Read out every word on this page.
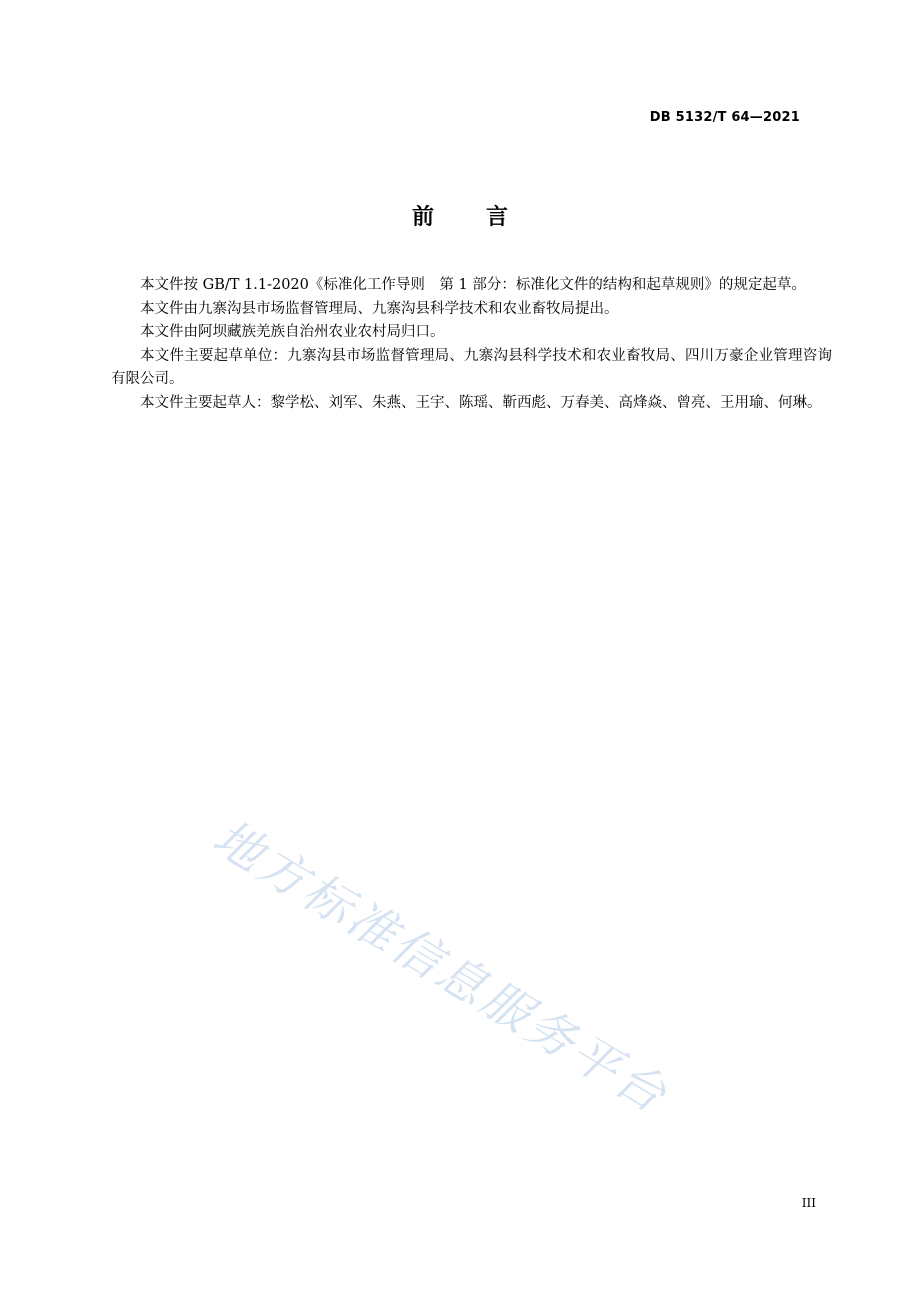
DB 5132/T 64—2021
前 言

本文件按 GB/T 1.1-2020《标准化工作导则　第 1 部分：标准化文件的结构和起草规则》的规定起草。

本文件由九寨沟县市场监督管理局、九寨沟县科学技术和农业畜牧局提出。

本文件由阿坝藏族羌族自治州农业农村局归口。

本文件主要起草单位：九寨沟县市场监督管理局、九寨沟县科学技术和农业畜牧局、四川万豪企业管理咨询有限公司。

本文件主要起草人：黎学松、刘军、朱燕、王宇、陈瑶、靳西彪、万春美、高烽焱、曾亮、王用瑜、何琳。

地方标准信息服务平台
III
